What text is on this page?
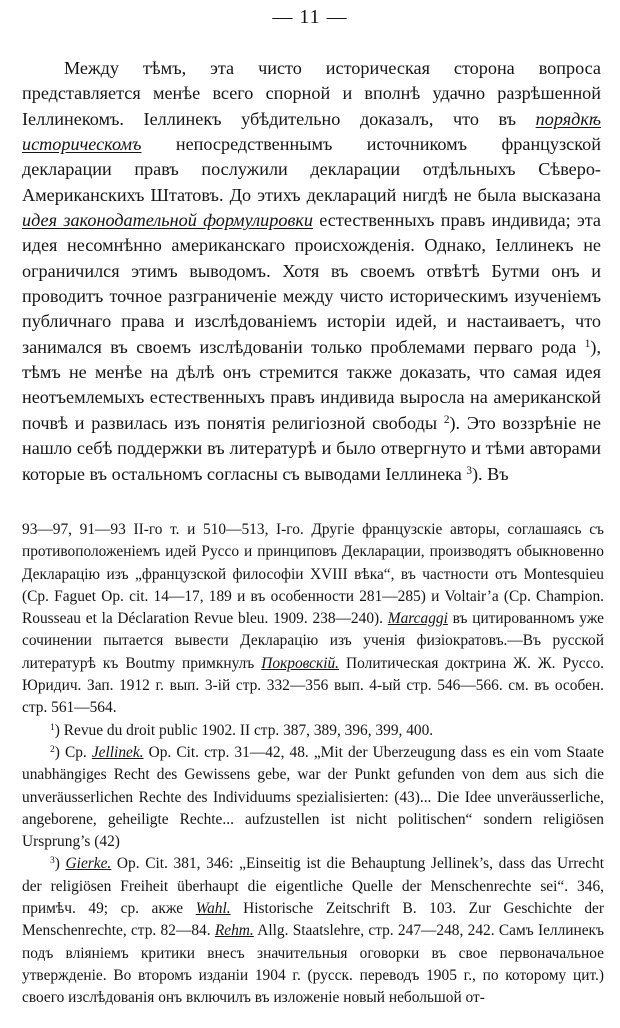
— 11 —

Между тѣмъ, эта чисто историческая сторона вопроса представляется менѣе всего спорной и вполнѣ удачно разрѣшенной Іеллинекомъ. Іеллинекъ убѣдительно доказалъ, что въ порядкѣ историческомъ непосредственнымъ источникомъ французской декларации правъ послужили декларации отдѣльныхъ Сѣверо-Американскихъ Штатовъ. До этихъ деклараций нигдѣ не была высказана идея законодательной формулировки естественныхъ правъ индивида; эта идея несомнѣнно американскаго происхожденія. Однако, Іеллинекъ не ограничился этимъ выводомъ. Хотя въ своемъ отвѣтѣ Бутми онъ и проводитъ точное разграниченіе между чисто историческимъ изученіемъ публичнаго права и изслѣдованіемъ исторіи идей, и настаиваетъ, что занимался въ своемъ изслѣдованіи только проблемами перваго рода $^1$), тѣмъ не менѣе на дѣлѣ онъ стремится также доказать, что самая идея неотъемлемыхъ естественныхъ правъ индивида выросла на американской почвѣ и развилась изъ понятія религіозной свободы $^2$). Это воззрѣніе не нашло себѣ поддержки въ литературѣ и было отвергнуто и тѣми авторами которые въ остальномъ согласны съ выводами Іеллинека $^3$). Въ

93—97, 91—93 II-го т. и 510—513, I-го. Другіе французскіе авторы, соглашаясь съ противоположеніемъ идей Руссо и принциповъ Декларации, производятъ обыкновенно Декларацію изъ „французской философіи XVIII вѣка“, въ частности отъ Montesquieu (Ср. Faguet Op. cit. 14—17, 189 и въ особенности 281—285) и Voltair’a (Cp. Champion. Rousseau et la Déclaration Revue bleu. 1909. 238—240). Marcaggi въ цитированномъ уже сочинении пытается вывести Декларацію изъ ученія физіократовъ.—Въ русской литературѣ къ Boutmy примкнулъ Покровскій. Политическая доктрина Ж. Ж. Руссо. Юридич. Зап. 1912 г. вып. 3-ій стр. 332—356 вып. 4-ый стр. 546—566. см. въ особен. стр. 561—564.

$^1$) Revue du droit public 1902. II стр. 387, 389, 396, 399, 400.

$^2$) Ср. Jellinek. Op. Cit. стр. 31—42, 48. „Mit der Uberzeugung dass es ein vom Staate unabhängiges Recht des Gewissens gebe, war der Punkt gefunden von dem aus sich die unveräusserlichen Rechte des Individuums spezialisierten: (43)... Die Idee unveräusserliche, angeborene, geheiligte Rechte... aufzustellen ist nicht politischen“ sondern religiösen Ursprung’s (42)

$^3$) Gierke. Op. Cit. 381, 346: „Einseitig ist die Behauptung Jellinek’s, dass das Urrecht der religiösen Freiheit überhaupt die eigentliche Quelle der Menschenrechte sei“. 346, примѣч. 49; cp. акже Wahl. Historische Zeitsсhrift B. 103. Zur Geschichte der Menschenrechte, стр. 82—84. Rehm. Allg. Staatslehre, стр. 247—248, 242. Самъ Іеллинекъ подъ вліяніемъ критики внесъ значительныя оговорки въ свое первоначальное утвержденіе. Во второмъ изданіи 1904 г. (русск. переводъ 1905 г., по которому цит.) своего изслѣдованія онъ включилъ въ изложеніе новый небольшой от-
